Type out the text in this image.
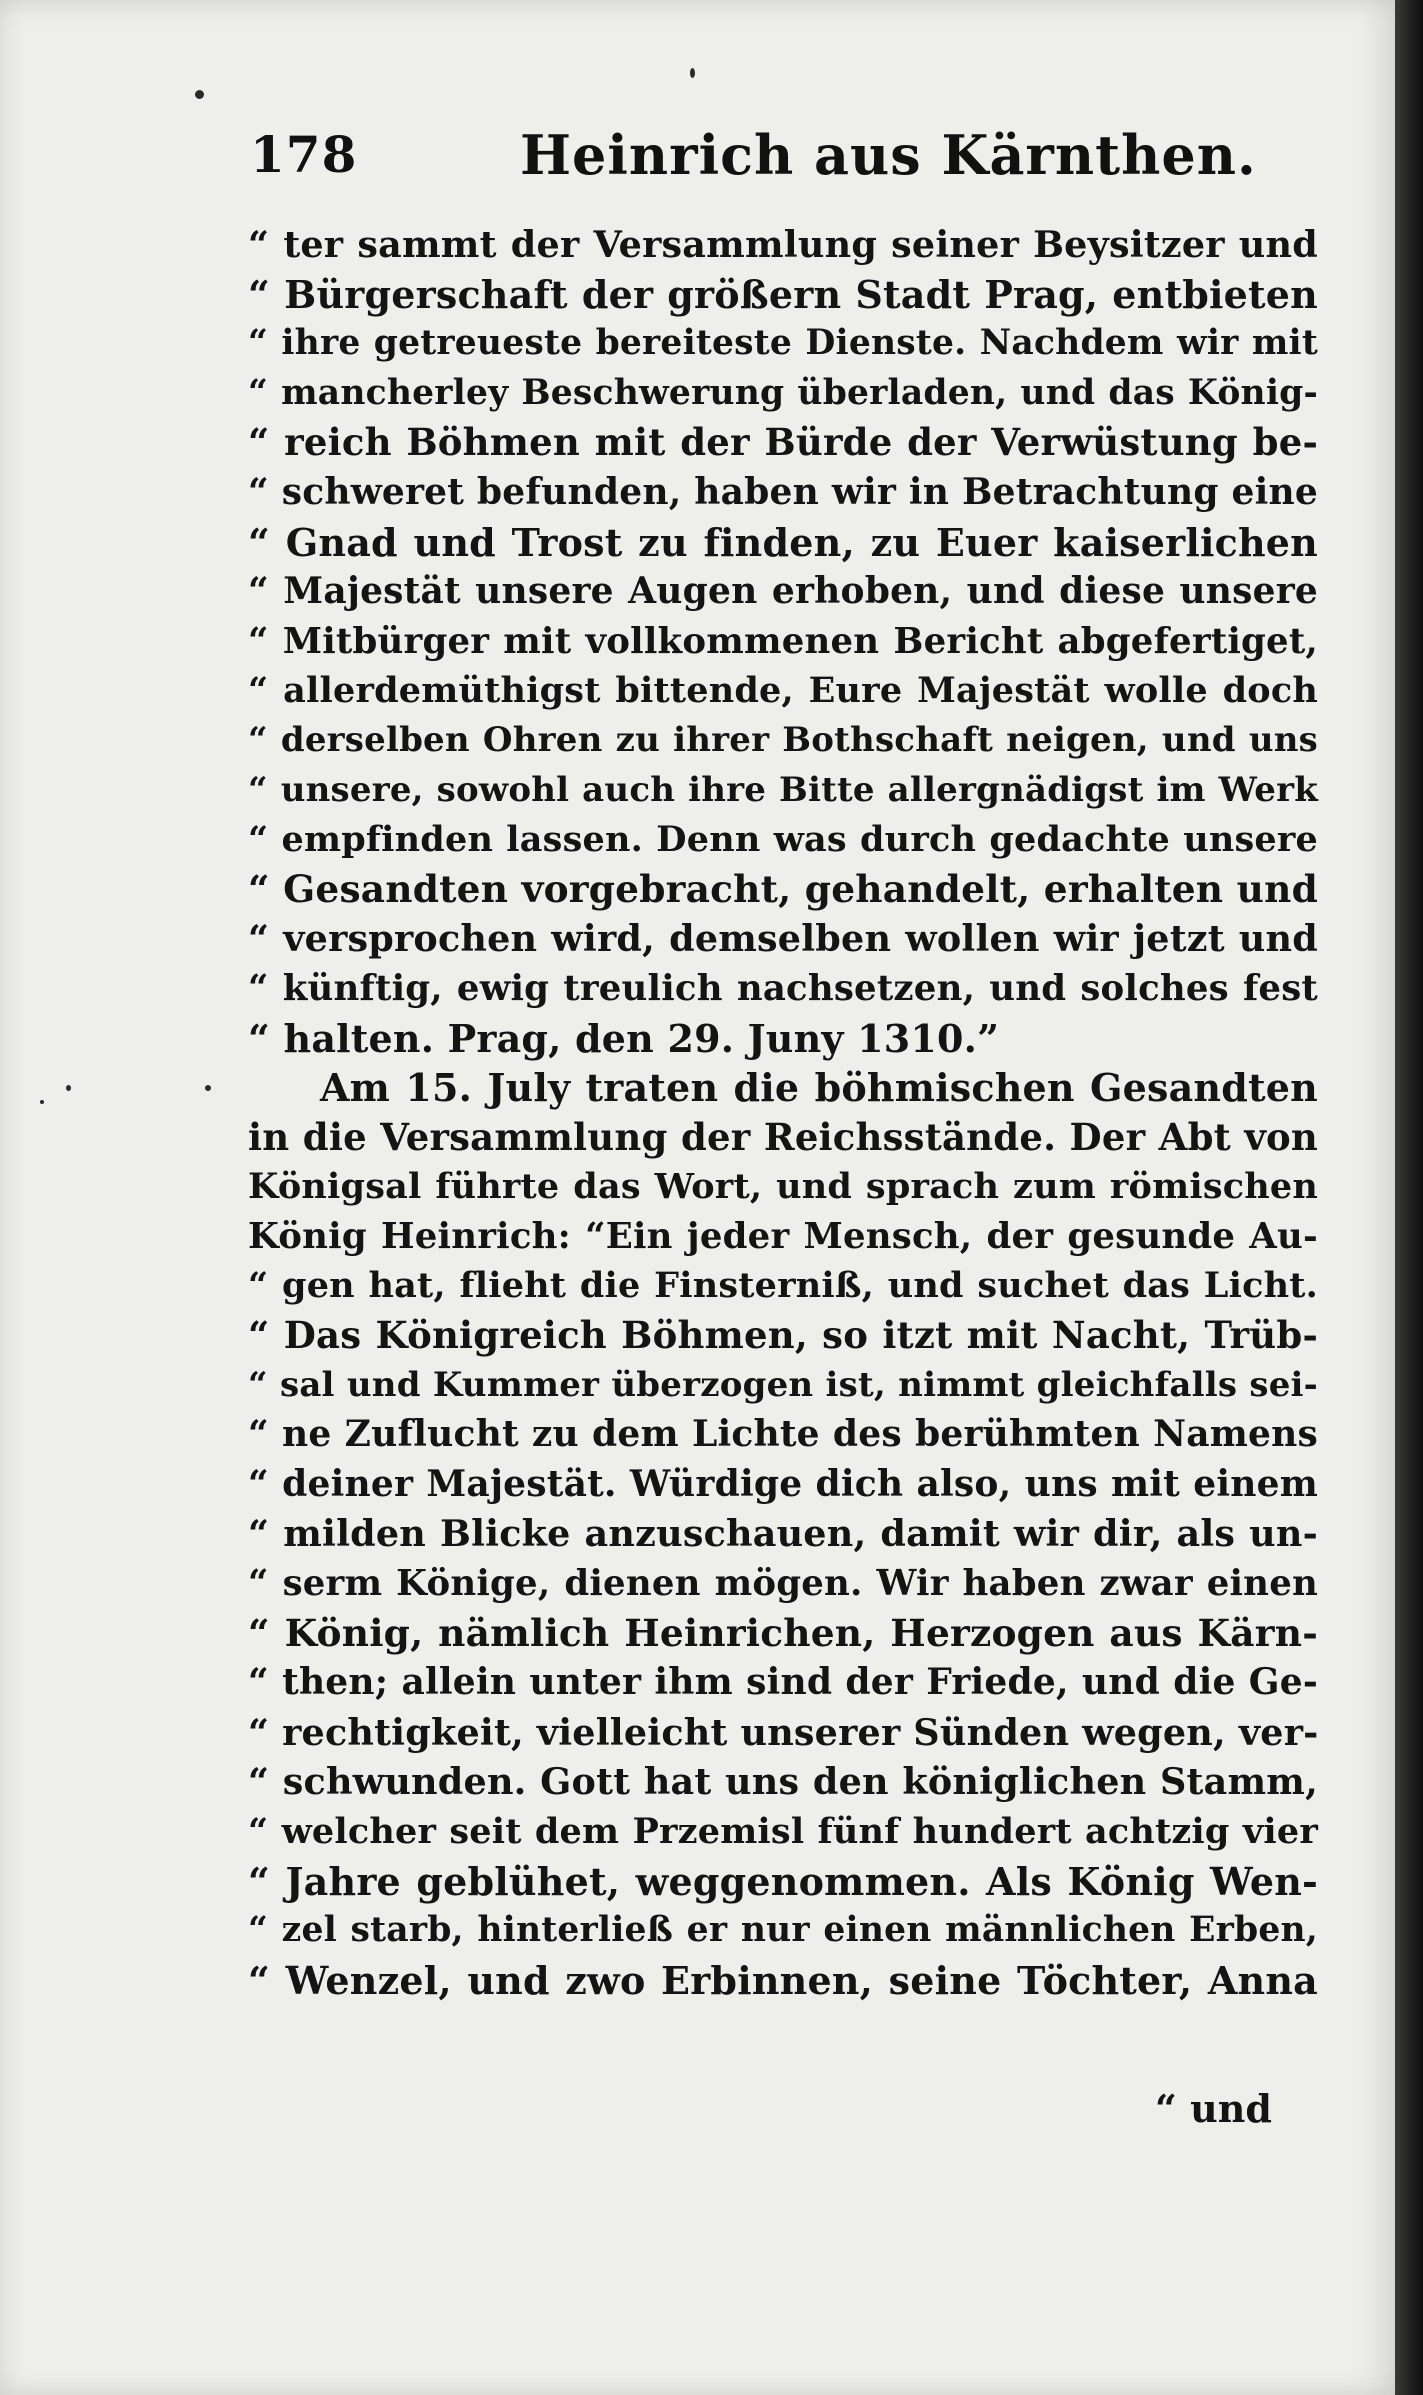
178	Heinrich aus Kärnthen.
“ ter sammt der Versammlung seiner Beysitzer und
“ Bürgerschaft der größern Stadt Prag, entbieten
“ ihre getreueste bereiteste Dienste. Nachdem wir mit
“ mancherley Beschwerung überladen, und das König-
“ reich Böhmen mit der Bürde der Verwüstung be-
“ schweret befunden, haben wir in Betrachtung eine
“ Gnad und Trost zu finden, zu Euer kaiserlichen
“ Majestät unsere Augen erhoben, und diese unsere
“ Mitbürger mit vollkommenen Bericht abgefertiget,
“ allerdemüthigst bittende, Eure Majestät wolle doch
“ derselben Ohren zu ihrer Bothschaft neigen, und uns
“ unsere, sowohl auch ihre Bitte allergnädigst im Werk
“ empfinden lassen. Denn was durch gedachte unsere
“ Gesandten vorgebracht, gehandelt, erhalten und
“ versprochen wird, demselben wollen wir jetzt und
“ künftig, ewig treulich nachsetzen, und solches fest
“ halten. Prag, den 29. Juny 1310.”
Am 15. July traten die böhmischen Gesandten
in die Versammlung der Reichsstände. Der Abt von
Königsal führte das Wort, und sprach zum römischen
König Heinrich: “Ein jeder Mensch, der gesunde Au-
“ gen hat, flieht die Finsterniß, und suchet das Licht.
“ Das Königreich Böhmen, so itzt mit Nacht, Trüb-
“ sal und Kummer überzogen ist, nimmt gleichfalls sei-
“ ne Zuflucht zu dem Lichte des berühmten Namens
“ deiner Majestät. Würdige dich also, uns mit einem
“ milden Blicke anzuschauen, damit wir dir, als un-
“ serm Könige, dienen mögen. Wir haben zwar einen
“ König, nämlich Heinrichen, Herzogen aus Kärn-
“ then; allein unter ihm sind der Friede, und die Ge-
“ rechtigkeit, vielleicht unserer Sünden wegen, ver-
“ schwunden. Gott hat uns den königlichen Stamm,
“ welcher seit dem Przemisl fünf hundert achtzig vier
“ Jahre geblühet, weggenommen. Als König Wen-
“ zel starb, hinterließ er nur einen männlichen Erben,
“ Wenzel, und zwo Erbinnen, seine Töchter, Anna
“ und
